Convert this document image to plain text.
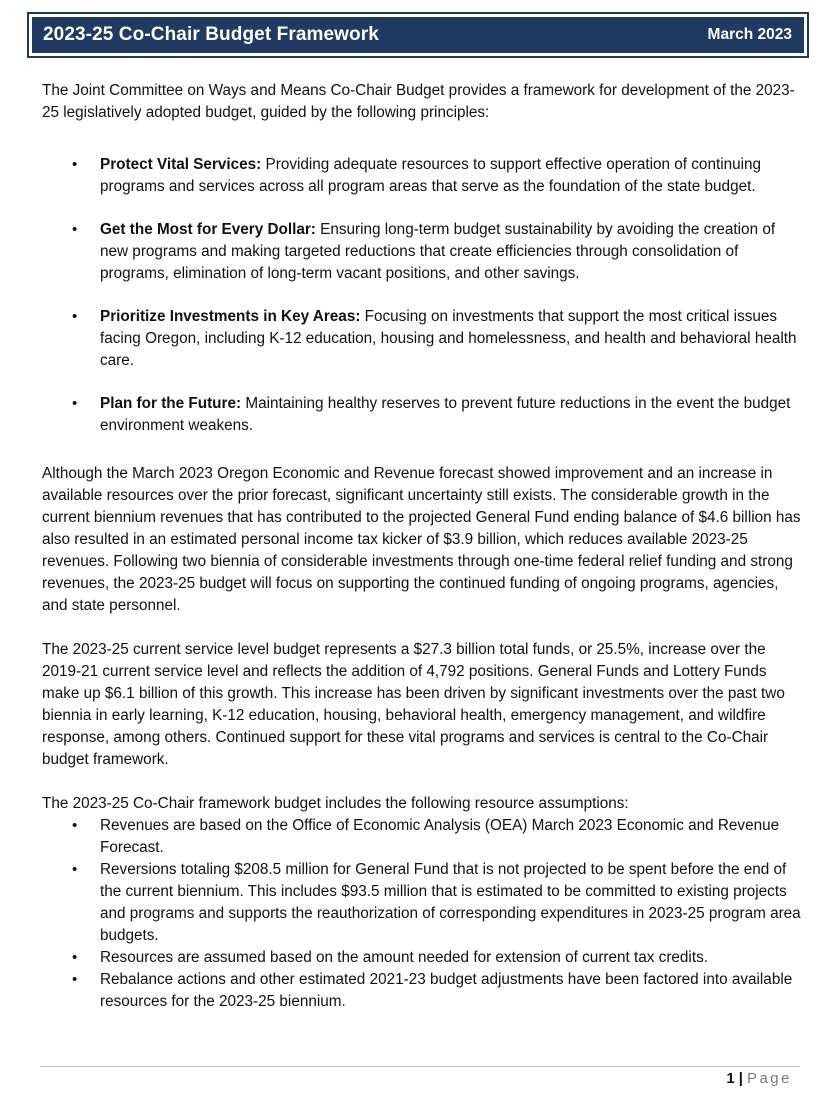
2023-25 Co-Chair Budget Framework	March 2023

The Joint Committee on Ways and Means Co-Chair Budget provides a framework for development of the 2023-25 legislatively adopted budget, guided by the following principles:

• Protect Vital Services: Providing adequate resources to support effective operation of continuing programs and services across all program areas that serve as the foundation of the state budget.
• Get the Most for Every Dollar: Ensuring long-term budget sustainability by avoiding the creation of new programs and making targeted reductions that create efficiencies through consolidation of programs, elimination of long-term vacant positions, and other savings.
• Prioritize Investments in Key Areas: Focusing on investments that support the most critical issues facing Oregon, including K-12 education, housing and homelessness, and health and behavioral health care.
• Plan for the Future: Maintaining healthy reserves to prevent future reductions in the event the budget environment weakens.

Although the March 2023 Oregon Economic and Revenue forecast showed improvement and an increase in available resources over the prior forecast, significant uncertainty still exists. The considerable growth in the current biennium revenues that has contributed to the projected General Fund ending balance of $4.6 billion has also resulted in an estimated personal income tax kicker of $3.9 billion, which reduces available 2023-25 revenues. Following two biennia of considerable investments through one-time federal relief funding and strong revenues, the 2023-25 budget will focus on supporting the continued funding of ongoing programs, agencies, and state personnel.

The 2023-25 current service level budget represents a $27.3 billion total funds, or 25.5%, increase over the 2019-21 current service level and reflects the addition of 4,792 positions. General Funds and Lottery Funds make up $6.1 billion of this growth. This increase has been driven by significant investments over the past two biennia in early learning, K-12 education, housing, behavioral health, emergency management, and wildfire response, among others. Continued support for these vital programs and services is central to the Co-Chair budget framework.

The 2023-25 Co-Chair framework budget includes the following resource assumptions:

• Revenues are based on the Office of Economic Analysis (OEA) March 2023 Economic and Revenue Forecast.
• Reversions totaling $208.5 million for General Fund that is not projected to be spent before the end of the current biennium. This includes $93.5 million that is estimated to be committed to existing projects and programs and supports the reauthorization of corresponding expenditures in 2023-25 program area budgets.
• Resources are assumed based on the amount needed for extension of current tax credits.
• Rebalance actions and other estimated 2021-23 budget adjustments have been factored into available resources for the 2023-25 biennium.
1 | Page
